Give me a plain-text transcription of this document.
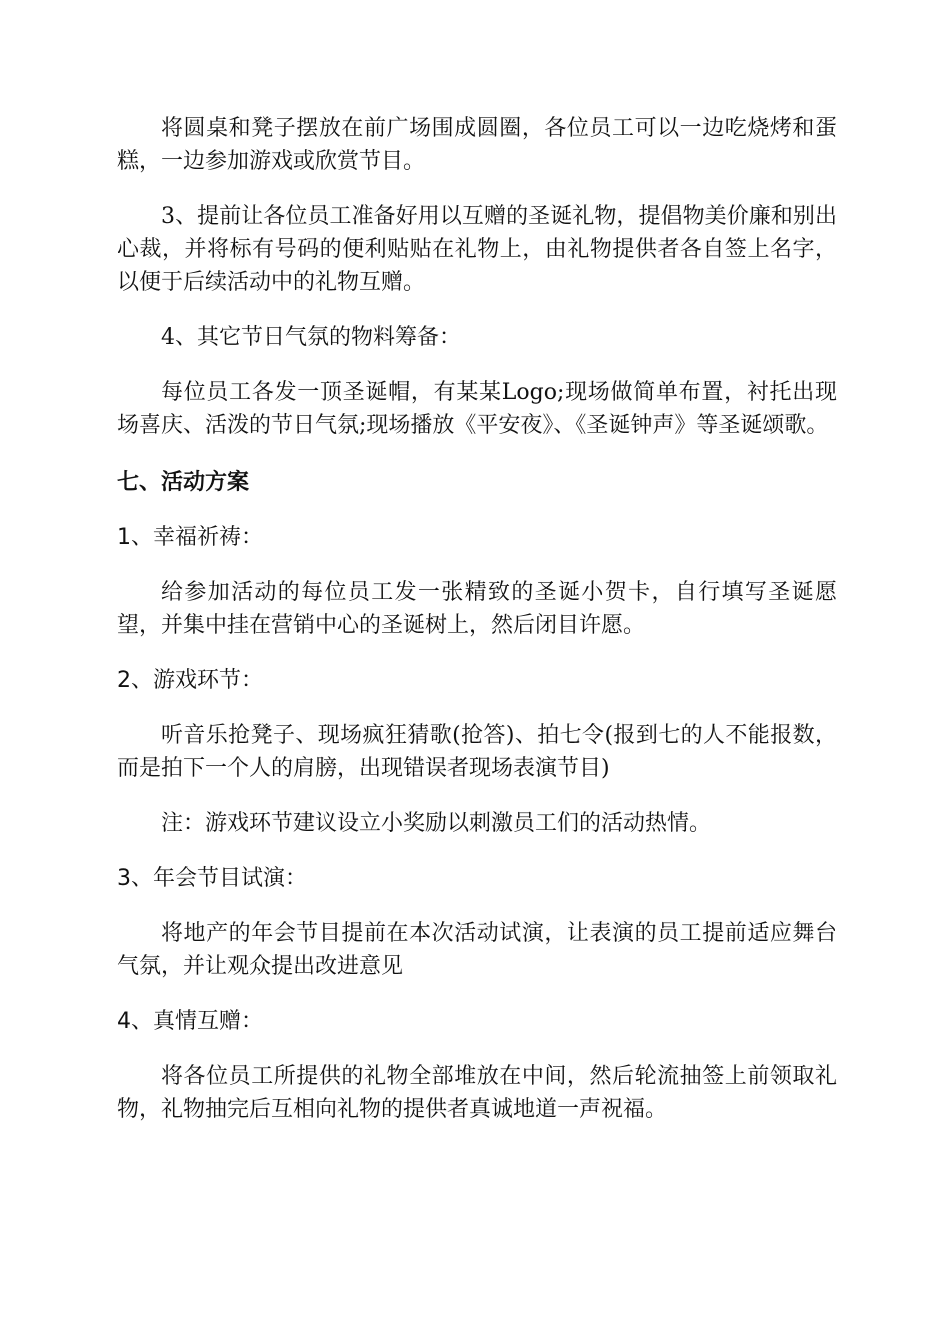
将圆桌和凳子摆放在前广场围成圆圈，各位员工可以一边吃烧烤和蛋糕，一边参加游戏或欣赏节目。

3、提前让各位员工准备好用以互赠的圣诞礼物，提倡物美价廉和别出心裁，并将标有号码的便利贴贴在礼物上，由礼物提供者各自签上名字，以便于后续活动中的礼物互赠。

4、其它节日气氛的物料筹备：

每位员工各发一顶圣诞帽，有某某Logo;现场做简单布置，衬托出现场喜庆、活泼的节日气氛;现场播放《平安夜》、《圣诞钟声》等圣诞颂歌。

七、活动方案

1、幸福祈祷：

给参加活动的每位员工发一张精致的圣诞小贺卡，自行填写圣诞愿望，并集中挂在营销中心的圣诞树上，然后闭目许愿。

2、游戏环节：

听音乐抢凳子、现场疯狂猜歌(抢答)、拍七令(报到七的人不能报数，而是拍下一个人的肩膀，出现错误者现场表演节目)

注：游戏环节建议设立小奖励以刺激员工们的活动热情。

3、年会节目试演：

将地产的年会节目提前在本次活动试演，让表演的员工提前适应舞台气氛，并让观众提出改进意见

4、真情互赠：

将各位员工所提供的礼物全部堆放在中间，然后轮流抽签上前领取礼物，礼物抽完后互相向礼物的提供者真诚地道一声祝福。
